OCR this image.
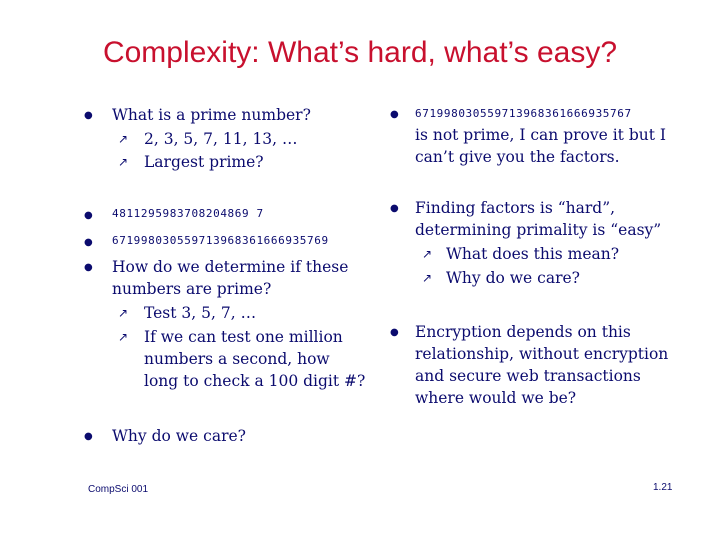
Complexity: What’s hard, what’s easy?
● What is a prime number?
↗ 2, 3, 5, 7, 11, 13, …
↗ Largest prime?
● 4811295983708204869 7
● 671998030559713968361666935769
● How do we determine if these
numbers are prime?
↗ Test 3, 5, 7, …
↗ If we can test one million
numbers a second, how
long to check a 100 digit #?
● Why do we care?
● 671998030559713968361666935767
is not prime, I can prove it but I
can’t give you the factors.
● Finding factors is “hard”,
determining primality is “easy”
↗ What does this mean?
↗ Why do we care?
● Encryption depends on this
relationship, without encryption
and secure web transactions
where would we be?
CompSci 001	1.21
